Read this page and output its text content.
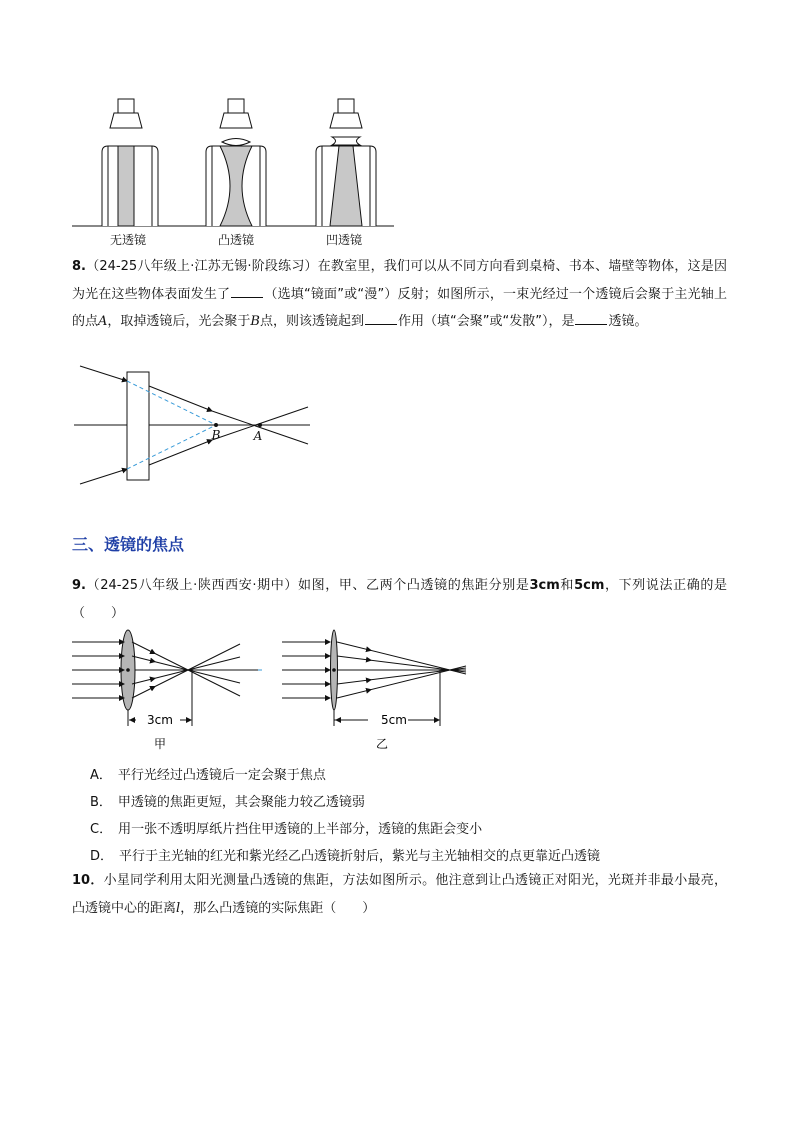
无透镜	凸透镜	凹透镜
8.（24-25八年级上·江苏无锡·阶段练习）在教室里，我们可以从不同方向看到桌椅、书本、墙壁等物体，这是因为光在这些物体表面发生了	（选填“镜面”或“漫”）反射；如图所示，一束光经过一个透镜后会聚于主光轴上的点A，取掉透镜后，光会聚于B点，则该透镜起到	作用（填“会聚”或“发散”），是	透镜。
B	A
三、透镜的焦点
9.（24-25八年级上·陕西西安·期中）如图，甲、乙两个凸透镜的焦距分别是3cm和5cm，下列说法正确的是（　　）
3cm
甲
5cm
乙
A． 平行光经过凸透镜后一定会聚于焦点
B． 甲透镜的焦距更短，其会聚能力较乙透镜弱
C． 用一张不透明厚纸片挡住甲透镜的上半部分，透镜的焦距会变小
D． 平行于主光轴的红光和紫光经乙凸透镜折射后，紫光与主光轴相交的点更靠近凸透镜
10．小星同学利用太阳光测量凸透镜的焦距，方法如图所示。他注意到让凸透镜正对阳光，光斑并非最小最亮，凸透镜中心的距离l，那么凸透镜的实际焦距（　　）
